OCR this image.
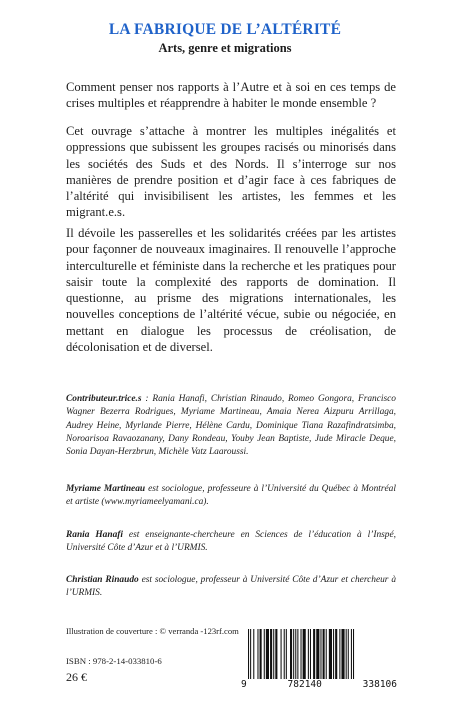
LA FABRIQUE DE L’ALTÉRITÉ
Arts, genre et migrations
Comment penser nos rapports à l’Autre et à soi en ces temps de crises multiples et réapprendre à habiter le monde ensemble ?
Cet ouvrage s’attache à montrer les multiples inégalités et oppressions que subissent les groupes racisés ou minorisés dans les sociétés des Suds et des Nords. Il s’interroge sur nos manières de prendre position et d’agir face à ces fabriques de l’altérité qui invisibilisent les artistes, les femmes et les migrant.e.s.
Il dévoile les passerelles et les solidarités créées par les artistes pour façonner de nouveaux imaginaires. Il renouvelle l’approche interculturelle et féministe dans la recherche et les pratiques pour saisir toute la complexité des rapports de domination. Il questionne, au prisme des migrations internationales, les nouvelles conceptions de l’altérité vécue, subie ou négociée, en mettant en dialogue les processus de créolisation, de décolonisation et de diversel.
Contributeur.trice.s : Rania Hanafi, Christian Rinaudo, Romeo Gongora, Francisco Wagner Bezerra Rodrigues, Myriame Martineau, Amaia Nerea Aizpuru Arrillaga, Audrey Heine, Myrlande Pierre, Hélène Cardu, Dominique Tiana Razafindratsimba, Noroarisoa Ravaozanany, Dany Rondeau, Youby Jean Baptiste, Jude Miracle Deque, Sonia Dayan-Herzbrun, Michèle Vatz Laaroussi.
Myriame Martineau est sociologue, professeure à l’Université du Québec à Montréal et artiste (www.myriameelyamani.ca).
Rania Hanafi est enseignante-chercheure en Sciences de l’éducation à l’Inspé, Université Côte d’Azur et à l’URMIS.
Christian Rinaudo est sociologue, professeur à Université Côte d’Azur et chercheur à l’URMIS.
Illustration de couverture : © verranda -123rf.com
ISBN : 978-2-14-033810-6
26 €
9	782140	338106
